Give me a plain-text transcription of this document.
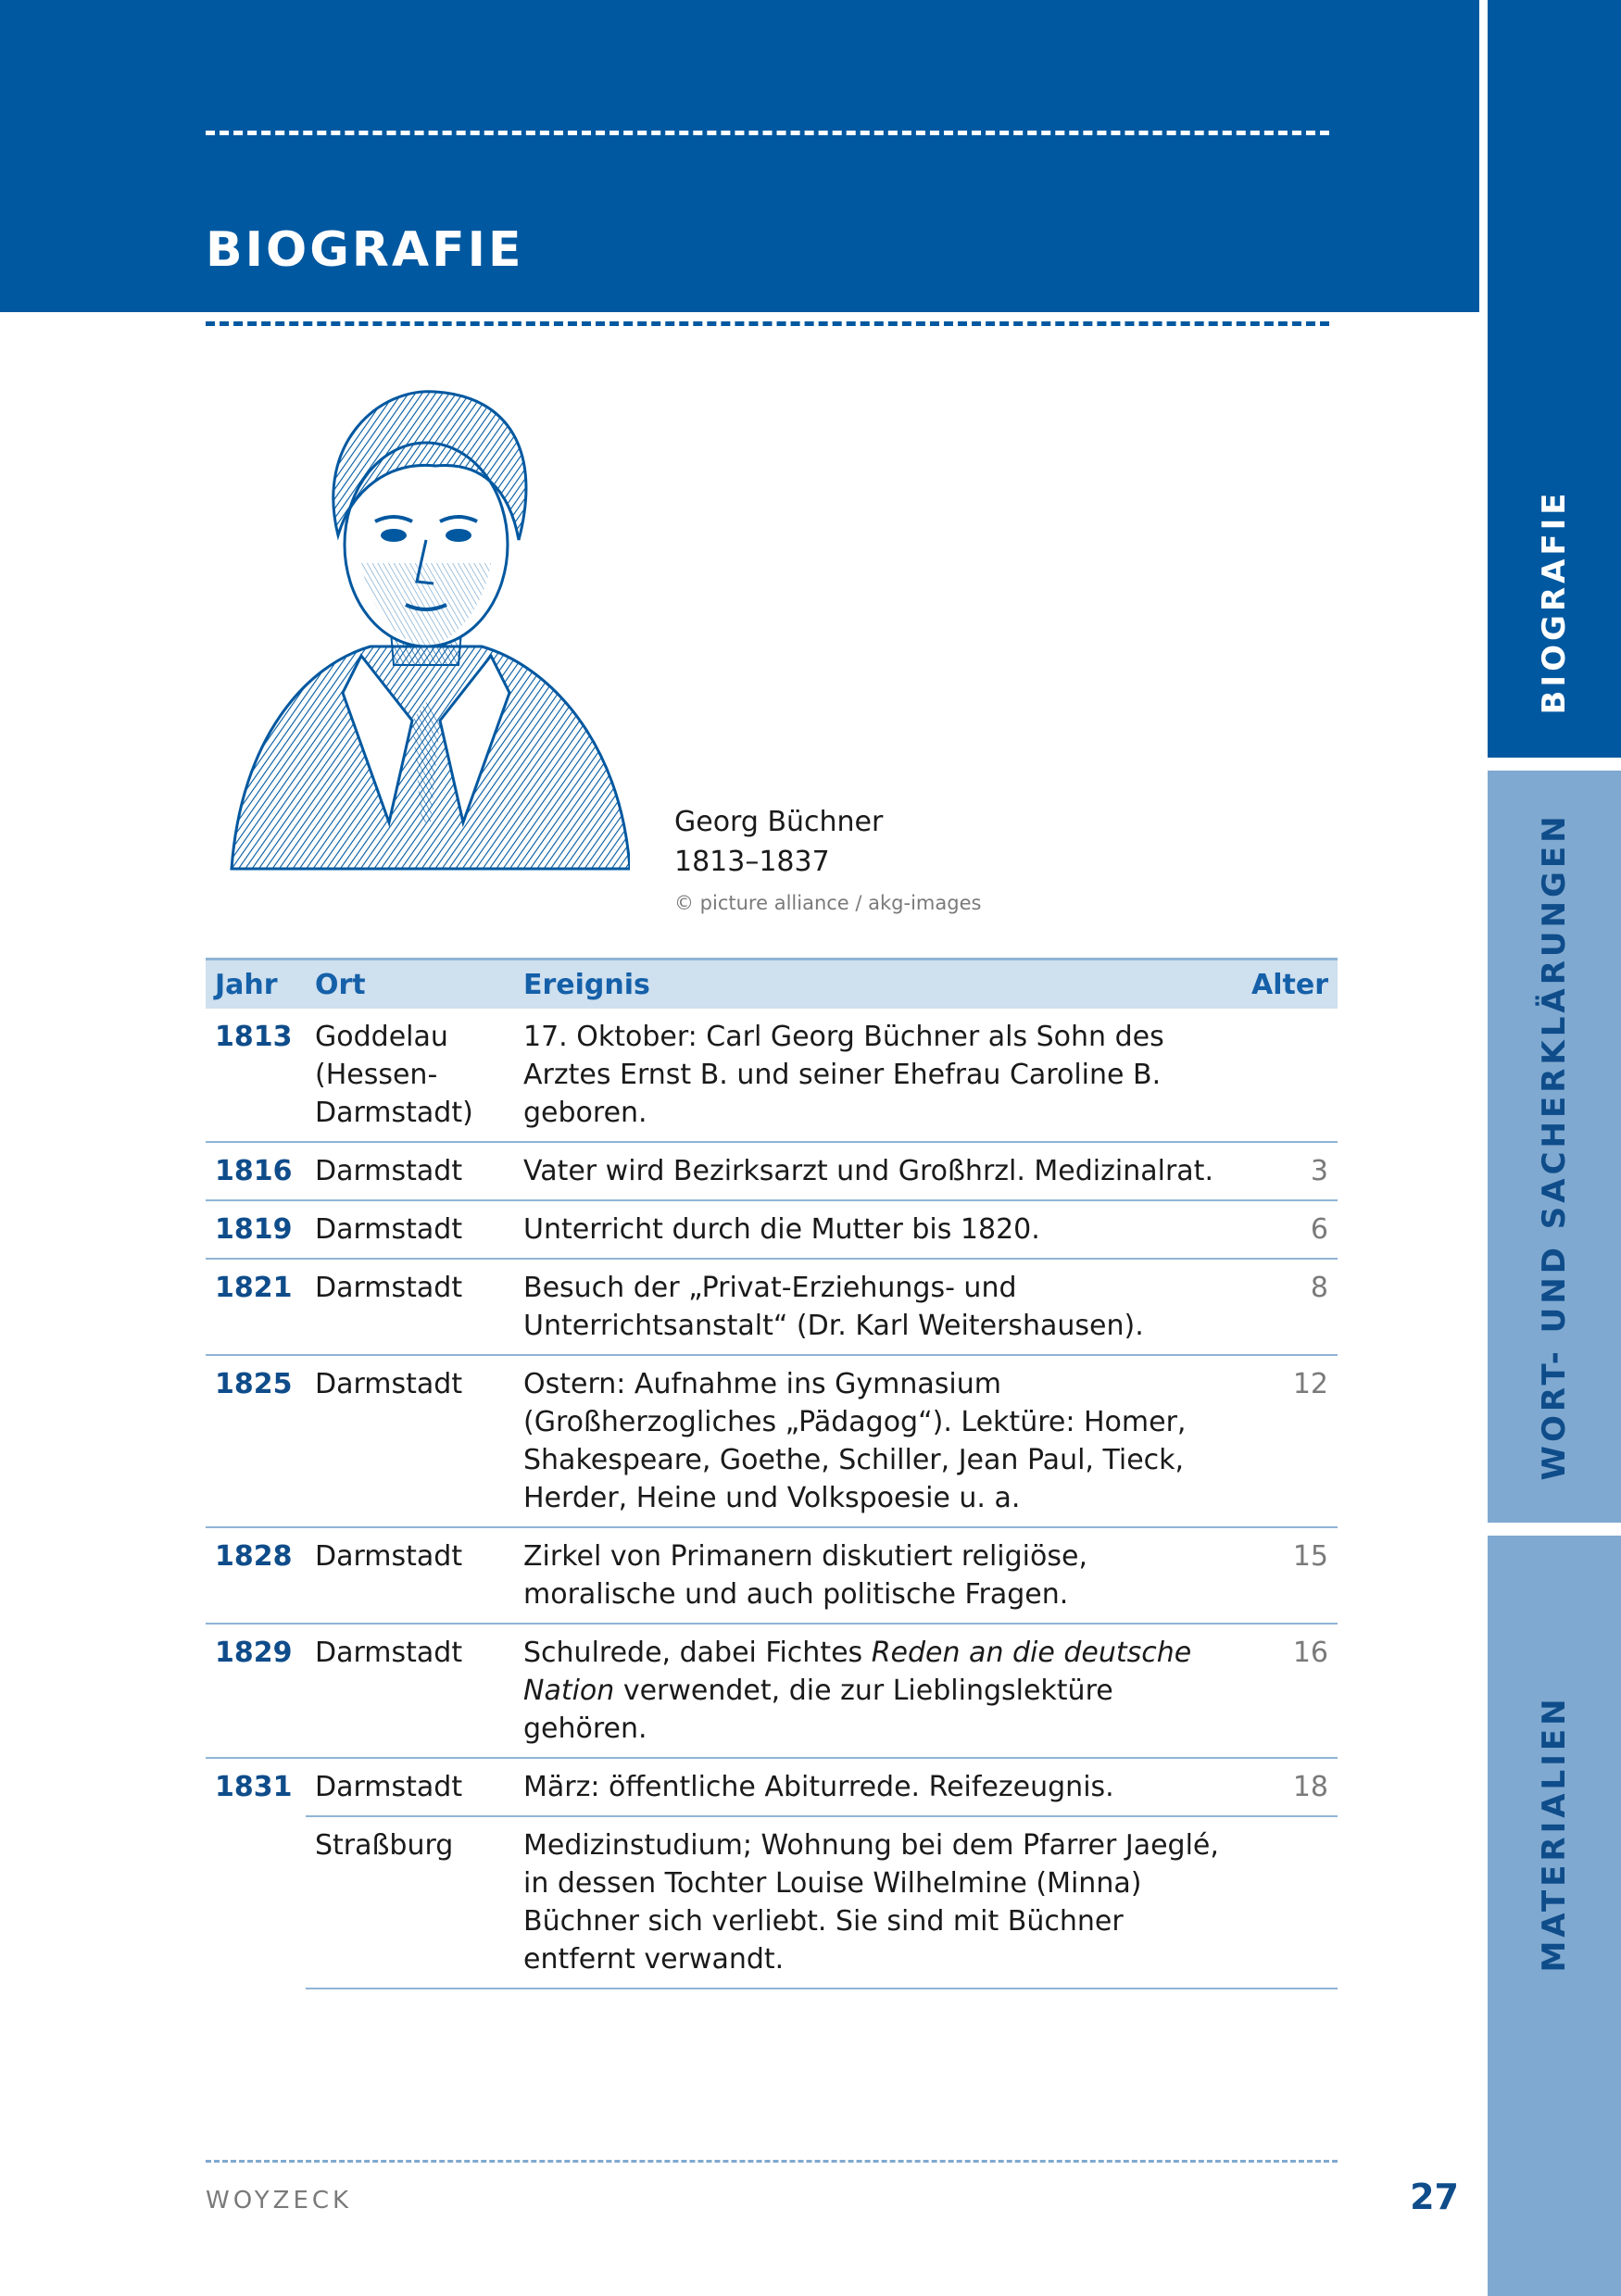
BIOGRAFIE
BIOGRAFIE
WORT- UND SACHERKLÄRUNGEN
MATERIALIEN
Georg Büchner
1813–1837
© picture alliance / akg-images
Jahr	Ort	Ereignis	Alter
1813	Goddelau (Hessen-Darmstadt)	17. Oktober: Carl Georg Büchner als Sohn des Arztes Ernst B. und seiner Ehefrau Caroline B. geboren.	
1816	Darmstadt	Vater wird Bezirksarzt und Großhrzl. Medizinalrat.	3
1819	Darmstadt	Unterricht durch die Mutter bis 1820.	6
1821	Darmstadt	Besuch der „Privat-Erziehungs- und Unterrichtsanstalt“ (Dr. Karl Weitershausen).	8
1825	Darmstadt	Ostern: Aufnahme ins Gymnasium (Großherzogliches „Pädagog“). Lektüre: Homer, Shakespeare, Goethe, Schiller, Jean Paul, Tieck, Herder, Heine und Volkspoesie u. a.	12
1828	Darmstadt	Zirkel von Primanern diskutiert religiöse, moralische und auch politische Fragen.	15
1829	Darmstadt	Schulrede, dabei Fichtes Reden an die deutsche Nation verwendet, die zur Lieblingslektüre gehören.	16
1831	Darmstadt	März: öffentliche Abiturrede. Reifezeugnis.	18
	Straßburg	Medizinstudium; Wohnung bei dem Pfarrer Jaeglé, in dessen Tochter Louise Wilhelmine (Minna) Büchner sich verliebt. Sie sind mit Büchner entfernt verwandt.	
WOYZECK	27
